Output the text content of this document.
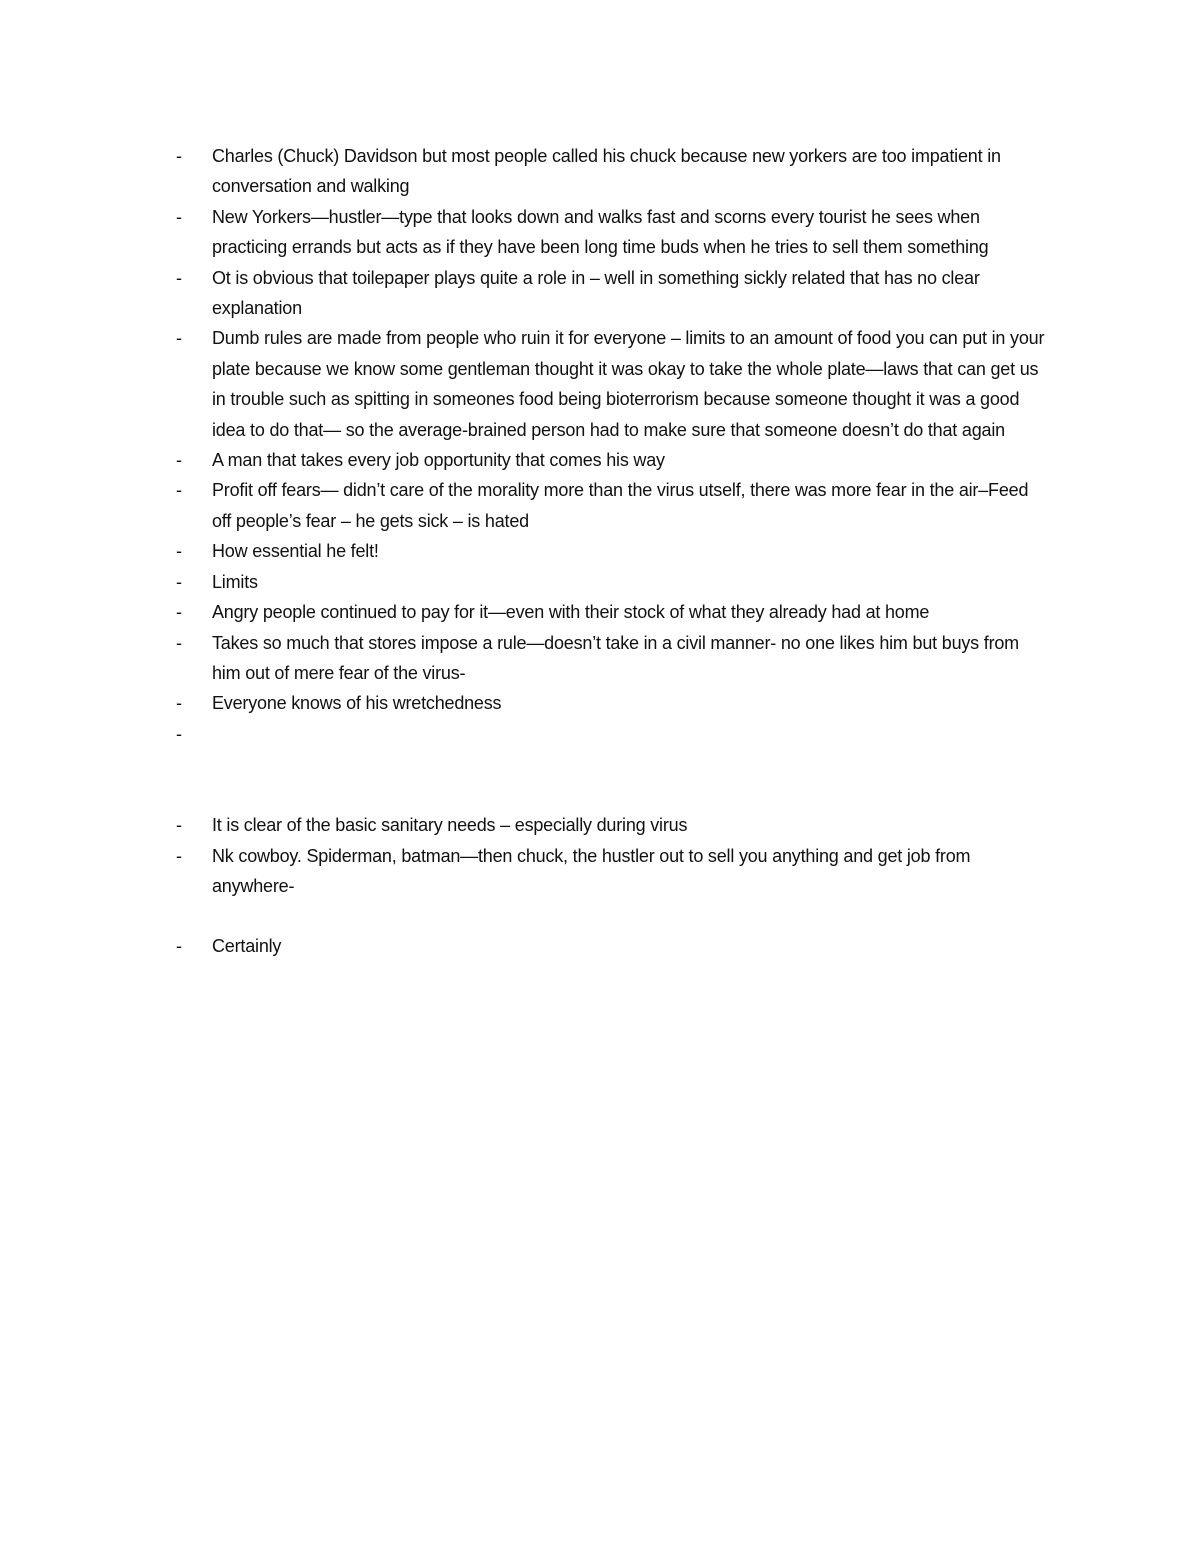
-	Charles (Chuck) Davidson but most people called his chuck because new yorkers are too impatient in conversation and walking
-	New Yorkers—hustler—type that looks down and walks fast and scorns every tourist he sees when practicing errands but acts as if they have been long time buds when he tries to sell them something
-	Ot is obvious that toilepaper plays quite a role in – well in something sickly related that has no clear explanation
-	Dumb rules are made from people who ruin it for everyone – limits to an amount of food you can put in your plate because we know some gentleman thought it was okay to take the whole plate—laws that can get us in trouble such as spitting in someones food being bioterrorism because someone thought it was a good idea to do that— so the average-brained person had to make sure that someone doesn’t do that again
-	A man that takes every job opportunity that comes his way
-	Profit off fears— didn’t care of the morality more than the virus utself, there was more fear in the air–Feed off people’s fear – he gets sick – is hated
-	How essential he felt!
-	Limits
-	Angry people continued to pay for it—even with their stock of what they already had at home
-	Takes so much that stores impose a rule—doesn’t take in a civil manner- no one likes him but buys from him out of mere fear of the virus-
-	Everyone knows of his wretchedness
-
-	It is clear of the basic sanitary needs – especially during virus
-	Nk cowboy. Spiderman, batman—then chuck, the hustler out to sell you anything and get job from anywhere-
-	Certainly
